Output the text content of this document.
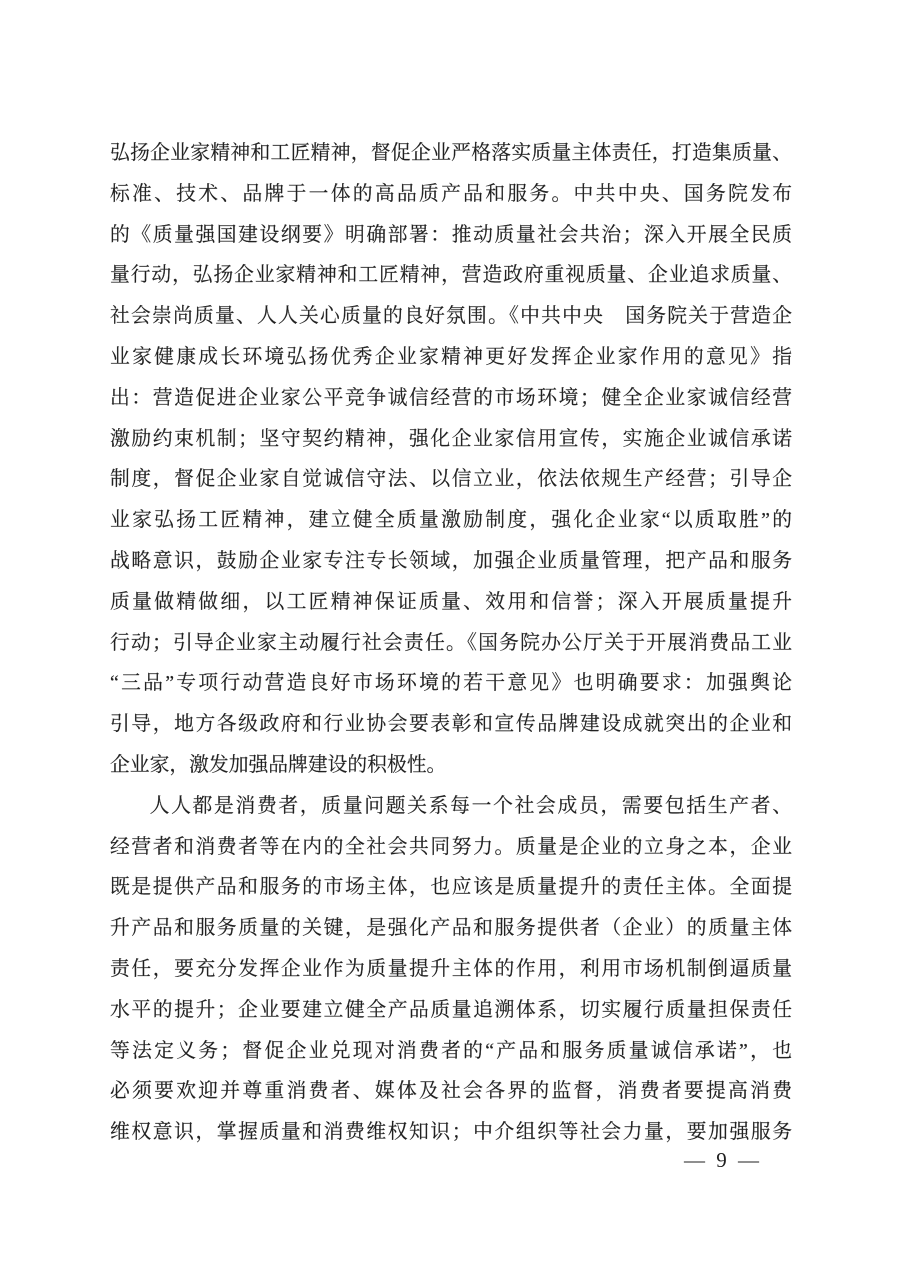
弘扬企业家精神和工匠精神，督促企业严格落实质量主体责任，打造集质量、
标准、技术、品牌于一体的高品质产品和服务。中共中央、国务院发布
的《质量强国建设纲要》明确部署：推动质量社会共治；深入开展全民质
量行动，弘扬企业家精神和工匠精神，营造政府重视质量、企业追求质量、
社会崇尚质量、人人关心质量的良好氛围。《中共中央　国务院关于营造企
业家健康成长环境弘扬优秀企业家精神更好发挥企业家作用的意见》指
出：营造促进企业家公平竞争诚信经营的市场环境；健全企业家诚信经营
激励约束机制；坚守契约精神，强化企业家信用宣传，实施企业诚信承诺
制度，督促企业家自觉诚信守法、以信立业，依法依规生产经营；引导企
业家弘扬工匠精神，建立健全质量激励制度，强化企业家“以质取胜”的
战略意识，鼓励企业家专注专长领域，加强企业质量管理，把产品和服务
质量做精做细，以工匠精神保证质量、效用和信誉；深入开展质量提升
行动；引导企业家主动履行社会责任。《国务院办公厅关于开展消费品工业
“三品”专项行动营造良好市场环境的若干意见》也明确要求：加强舆论
引导，地方各级政府和行业协会要表彰和宣传品牌建设成就突出的企业和
企业家，激发加强品牌建设的积极性。
人人都是消费者，质量问题关系每一个社会成员，需要包括生产者、
经营者和消费者等在内的全社会共同努力。质量是企业的立身之本，企业
既是提供产品和服务的市场主体，也应该是质量提升的责任主体。全面提
升产品和服务质量的关键，是强化产品和服务提供者（企业）的质量主体
责任，要充分发挥企业作为质量提升主体的作用，利用市场机制倒逼质量
水平的提升；企业要建立健全产品质量追溯体系，切实履行质量担保责任
等法定义务；督促企业兑现对消费者的“产品和服务质量诚信承诺”，也
必须要欢迎并尊重消费者、媒体及社会各界的监督，消费者要提高消费
维权意识，掌握质量和消费维权知识；中介组织等社会力量，要加强服务
— 9 —
